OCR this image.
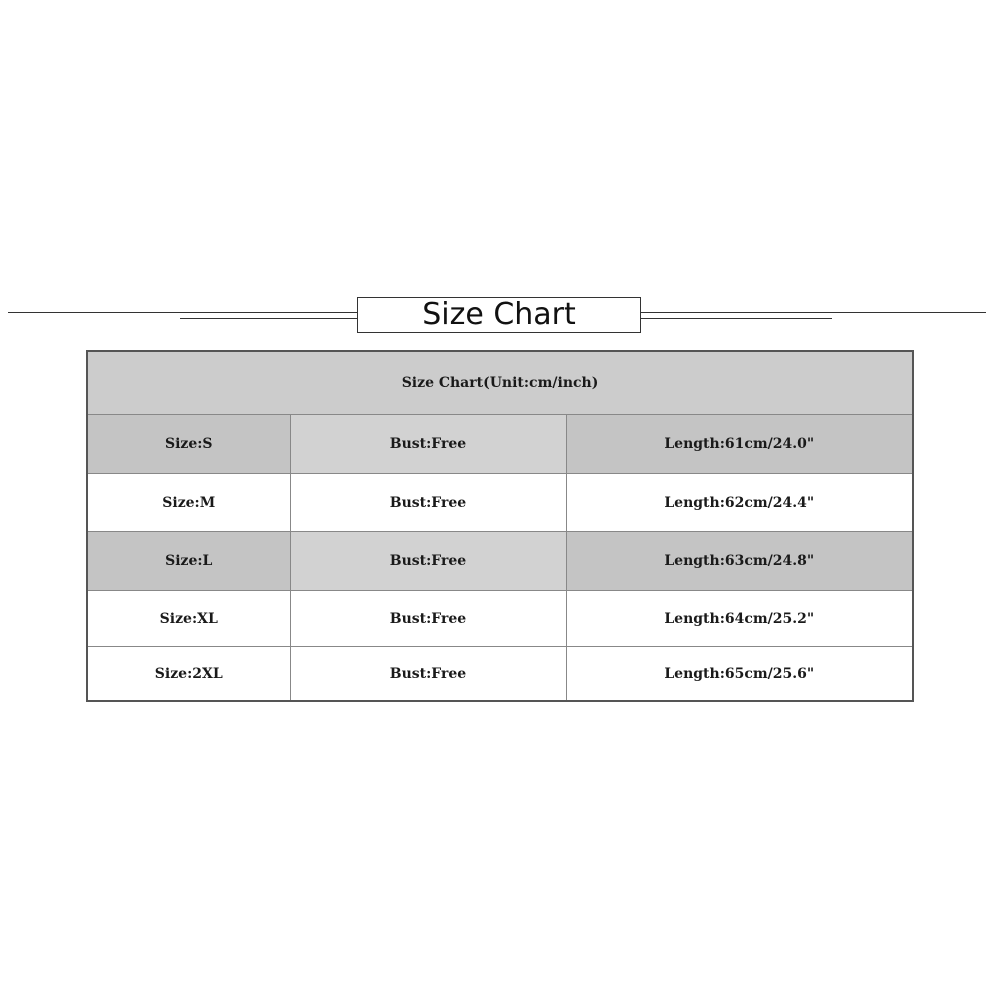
Size Chart
Size Chart(Unit:cm/inch)		
Size:S	Bust:Free	Length:61cm/24.0"
Size:M	Bust:Free	Length:62cm/24.4"
Size:L	Bust:Free	Length:63cm/24.8"
Size:XL	Bust:Free	Length:64cm/25.2"
Size:2XL	Bust:Free	Length:65cm/25.6"
